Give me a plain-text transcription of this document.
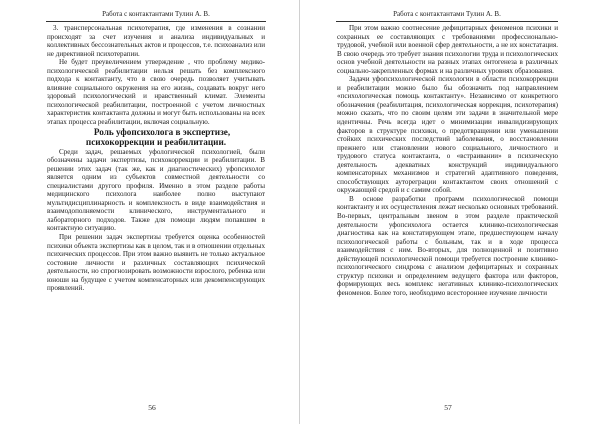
Работа с контактантами Тулин А. В.

3. трансперсональная психотерапия, где изменения в сознании происходят за счет изучения и анализа индивидуальных и коллективных бессознательных актов и процессов, т.е. психоанализ или не директивной психотерапии.

Не будет преувеличением утверждение , что проблему медико-психологической реабилитации нельзя решать без комплексного подхода к контактанту, что в свою очередь позволяет учитывать влияние социального окружения на его жизнь, создавать вокруг него здоровый психологический и нравственный климат. Элементы психологической реабилитации, построенной с учетом личностных характеристик контактанта должны и могут быть использованы на всех этапах процесса реабилитации, включая социальную.

Роль уфопсихолога в экспертизе, психокоррекции и реабилитации.

Среди задач, решаемых уфологической психологией, были обозначены задачи экспертизы, психокоррекции и реабилитации. В решении этих задач (так же, как и диагностических) уфопсихолог является одним из субъектов совместной деятельности со специалистами другого профиля. Именно в этом разделе работы медицинского психолога наиболее полно выступают мультидисциплинарность и комплексность в виде взаимодействия и взаимодополняемости клинического, инструментального и лабораторного подходов. Также для помощи людям попавшим в контактную ситуацию.

При решении задач экспертизы требуется оценка особенностей психики объекта экспертизы как в целом, так и в отношении отдельных психических процессов. При этом важно выявить не только актуальное состояние личности и различных составляющих психической деятельности, но спрогнозировать возможности взрослого, ребенка или юноши на будущее с учетом компенсаторных или декомпенсирующих проявлений.

56
Работа с контактантами Тулин А. В.

При этом важно соотнесение дефицитарных феноменов психики и сохранных ее составляющих с требованиями профессионально-трудовой, учебной или военной сфер деятельности, а не их констатация. В свою очередь это требует знания психологии труда и психологических основ учебной деятельности на разных этапах онтогенеза в различных социально-закрепленных формах и на различных уровнях образования.

Задачи уфопсихологической психологии в области психокоррекции и реабилитации можно было бы обозначить под направлением «психологическая помощь контактанту». Независимо от конкретного обозначения (реабилитация, психологическая коррекция, психотерапия) можно сказать, что по своим целям эти задачи в значительной мере идентичны. Речь всегда идет о минимизации инвалидизирующих факторов в структуре психики, о предотвращении или уменьшении стойких психических последствий заболевания, о восстановлении прежнего или становлении нового социального, личностного и трудового статуса контактанта, о «встраивании» в психическую деятельность адекватных конструкций индивидуального компенсаторных механизмов и стратегий адаптивного поведения, способствующих аутореграции контактантом своих отношений с окружающей средой и с самим собой.

В основе разработки программ психологической помощи контактанту и их осуществления лежат несколько основных требований. Во-первых, центральным звеном в этом разделе практической деятельности уфопсихолога остается клинико-психологическая диагностика как на констатирующем этапе, предшествующем началу психологической работы с больным, так и в ходе процесса взаимодействия с ним. Во-вторых, для полноценной и позитивно действующей психологической помощи требуется построение клинико-психологического синдрома с анализом дефицитарных и сохранных структур психики и определением ведущего фактора или факторов, формирующих весь комплекс негативных клинико-психологических феноменов. Более того, необходимо всестороннее изучение личности

57
